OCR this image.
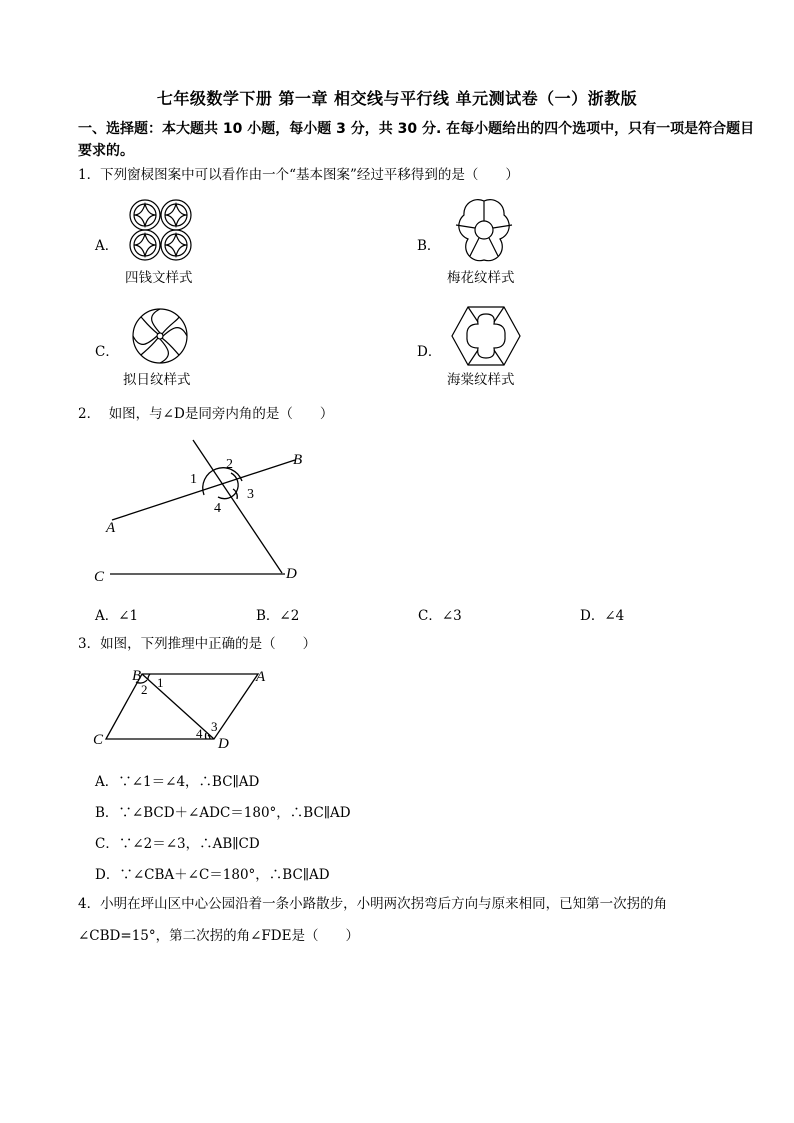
七年级数学下册 第一章 相交线与平行线 单元测试卷（一）浙教版
一、选择题：本大题共 10 小题，每小题 3 分，共 30 分. 在每小题给出的四个选项中，只有一项是符合题目要求的。
1．下列窗棂图案中可以看作由一个“基本图案”经过平移得到的是（　　）
A．
四钱文样式
B．
梅花纹样式
C．
拟日纹样式
D．
海棠纹样式
2． 如图，与∠D是同旁内角的是（　　）
B
A
C	D
1
2
3
4
A．∠1	B．∠2	C．∠3	D．∠4
3．如图，下列推理中正确的是（　　）
B	A
C	D
1
2
3
4
A．∵∠1＝∠4，∴BC∥AD
B．∵∠BCD＋∠ADC＝180°，∴BC∥AD
C．∵∠2＝∠3，∴AB∥CD
D．∵∠CBA＋∠C＝180°，∴BC∥AD
4．小明在坪山区中心公园沿着一条小路散步，小明两次拐弯后方向与原来相同，已知第一次拐的角
∠CBD=15°，第二次拐的角∠FDE是（　　）
